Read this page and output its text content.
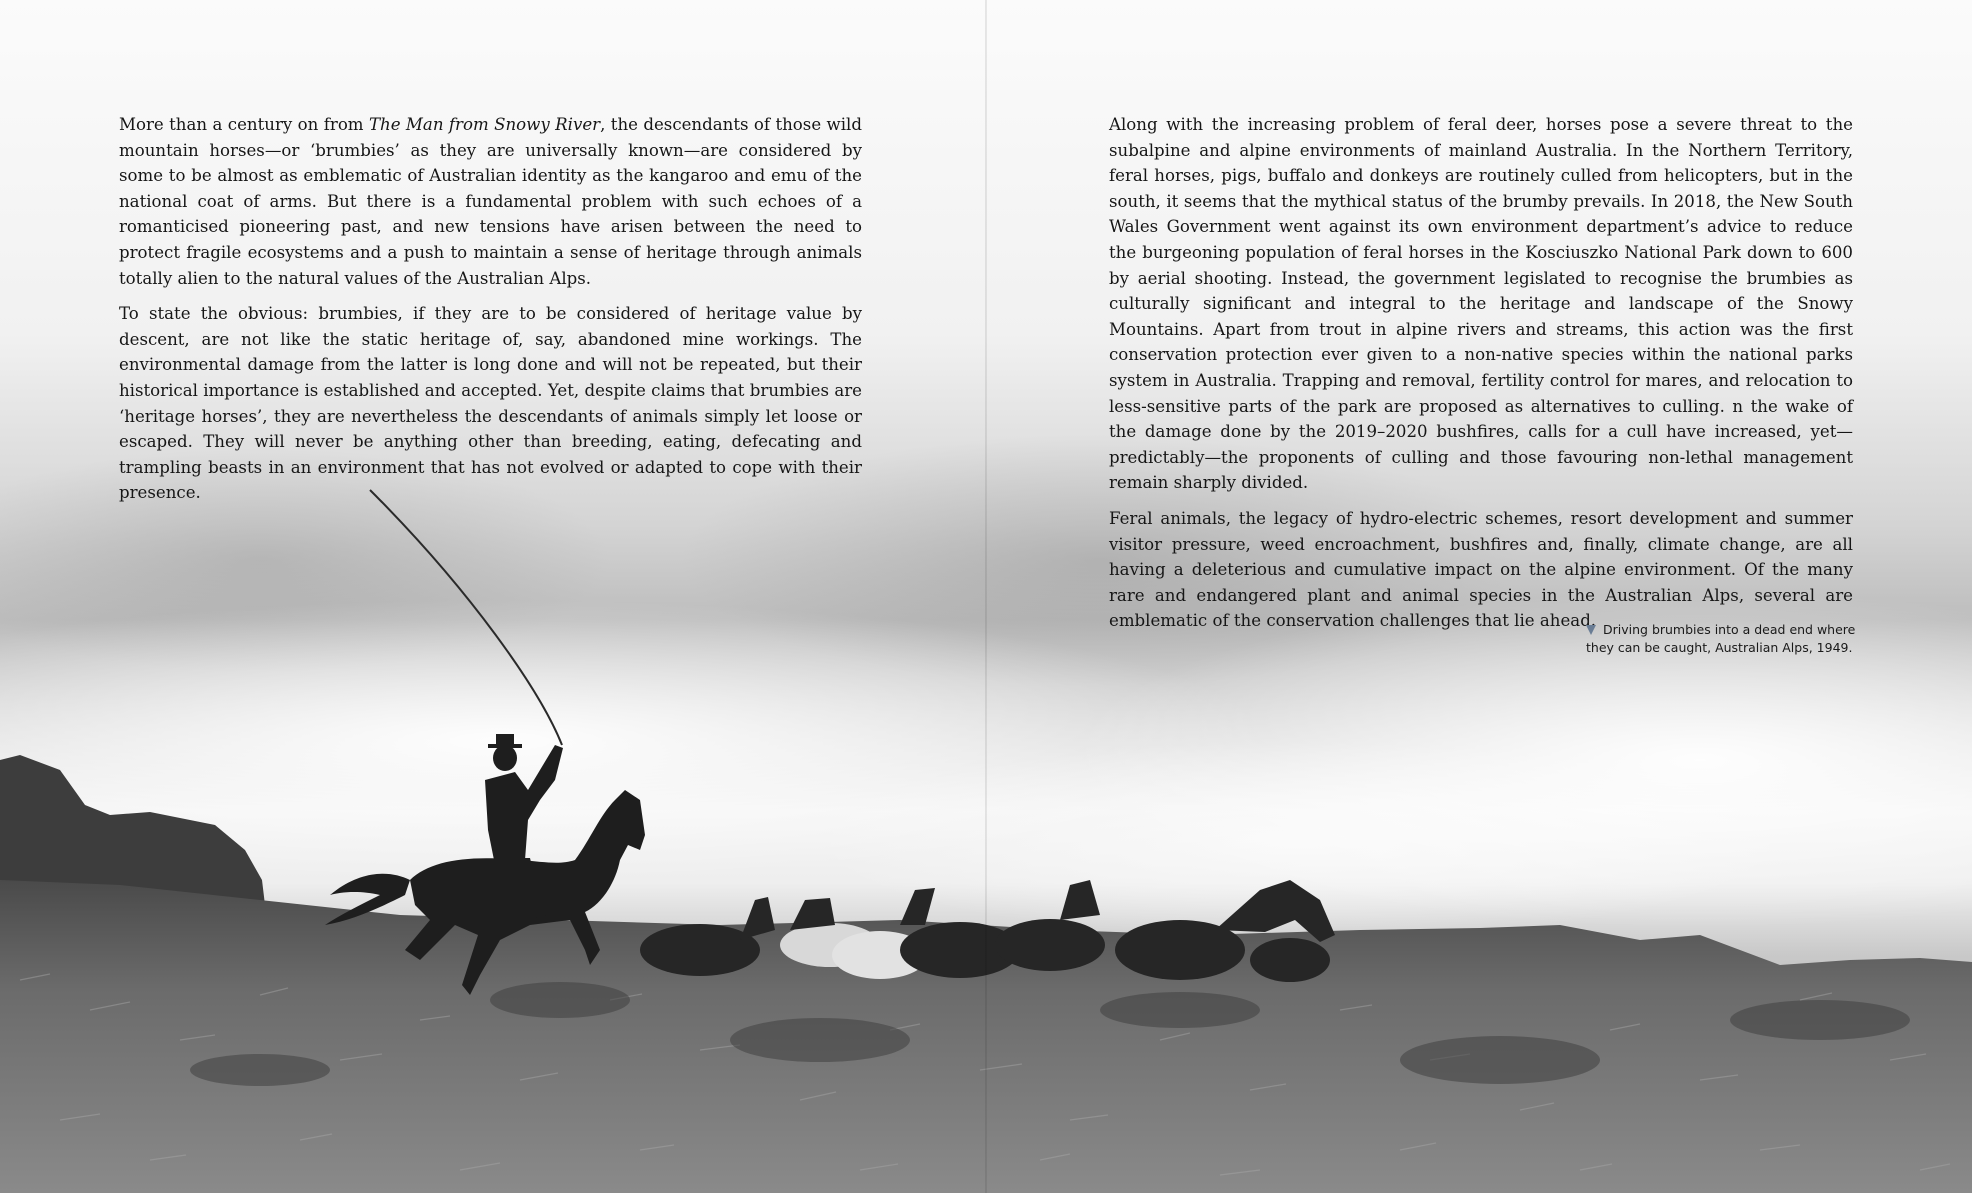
More than a century on from The Man from Snowy River, the descendants of those wild mountain horses—or ‘brumbies’ as they are universally known—are considered by some to be almost as emblematic of Australian identity as the kangaroo and emu of the national coat of arms. But there is a fundamental problem with such echoes of a romanticised pioneering past, and new tensions have arisen between the need to protect fragile ecosystems and a push to maintain a sense of heritage through animals totally alien to the natural values of the Australian Alps.

To state the obvious: brumbies, if they are to be considered of heritage value by descent, are not like the static heritage of, say, abandoned mine workings. The environmental damage from the latter is long done and will not be repeated, but their historical importance is established and accepted. Yet, despite claims that brumbies are ‘heritage horses’, they are nevertheless the descendants of animals simply let loose or escaped. They will never be anything other than breeding, eating, defecating and trampling beasts in an environment that has not evolved or adapted to cope with their presence.

Along with the increasing problem of feral deer, horses pose a severe threat to the subalpine and alpine environments of mainland Australia. In the Northern Territory, feral horses, pigs, buffalo and donkeys are routinely culled from helicopters, but in the south, it seems that the mythical status of the brumby prevails. In 2018, the New South Wales Government went against its own environment department’s advice to reduce the burgeoning population of feral horses in the Kosciuszko National Park down to 600 by aerial shooting. Instead, the government legislated to recognise the brumbies as culturally significant and integral to the heritage and landscape of the Snowy Mountains. Apart from trout in alpine rivers and streams, this action was the first conservation protection ever given to a non-native species within the national parks system in Australia. Trapping and removal, fertility control for mares, and relocation to less-sensitive parts of the park are proposed as alternatives to culling. n the wake of the damage done by the 2019–2020 bushfires, calls for a cull have increased, yet—predictably—the proponents of culling and those favouring non-lethal management remain sharply divided.

Feral animals, the legacy of hydro-electric schemes, resort development and summer visitor pressure, weed encroachment, bushfires and, finally, climate change, are all having a deleterious and cumulative impact on the alpine environment. Of the many rare and endangered plant and animal species in the Australian Alps, several are emblematic of the conservation challenges that lie ahead. Driving brumbies into a dead end where they can be caught, Australian Alps, 1949.
